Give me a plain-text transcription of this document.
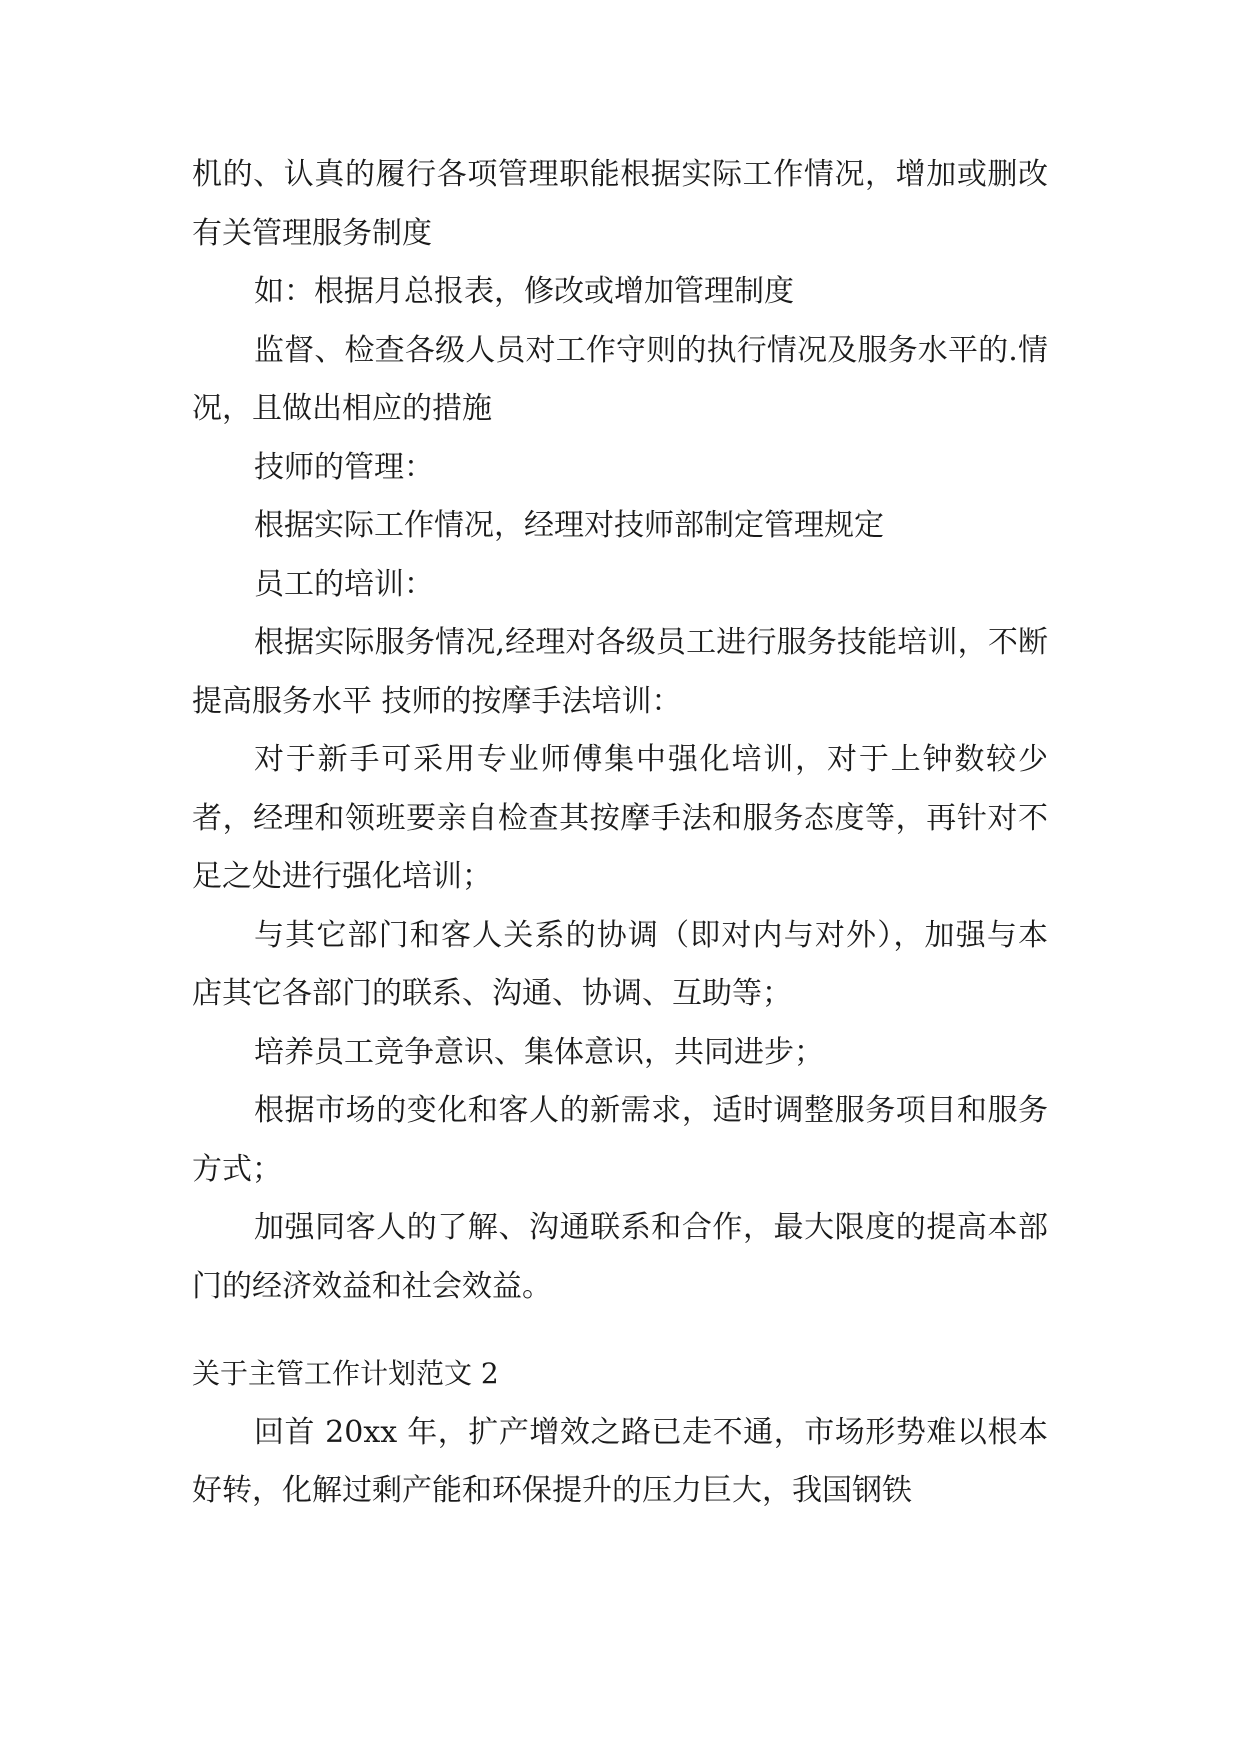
机的、认真的履行各项管理职能根据实际工作情况，增加或删改有关管理服务制度

如：根据月总报表，修改或增加管理制度

监督、检查各级人员对工作守则的执行情况及服务水平的.情况，且做出相应的措施

技师的管理：

根据实际工作情况，经理对技师部制定管理规定

员工的培训：

根据实际服务情况,经理对各级员工进行服务技能培训，不断提高服务水平 技师的按摩手法培训：

对于新手可采用专业师傅集中强化培训，对于上钟数较少者，经理和领班要亲自检查其按摩手法和服务态度等，再针对不足之处进行强化培训；

与其它部门和客人关系的协调（即对内与对外），加强与本店其它各部门的联系、沟通、协调、互助等；

培养员工竞争意识、集体意识，共同进步；

根据市场的变化和客人的新需求，适时调整服务项目和服务方式；

加强同客人的了解、沟通联系和合作，最大限度的提高本部门的经济效益和社会效益。

关于主管工作计划范文 2

回首 20xx 年，扩产增效之路已走不通，市场形势难以根本好转，化解过剩产能和环保提升的压力巨大，我国钢铁
